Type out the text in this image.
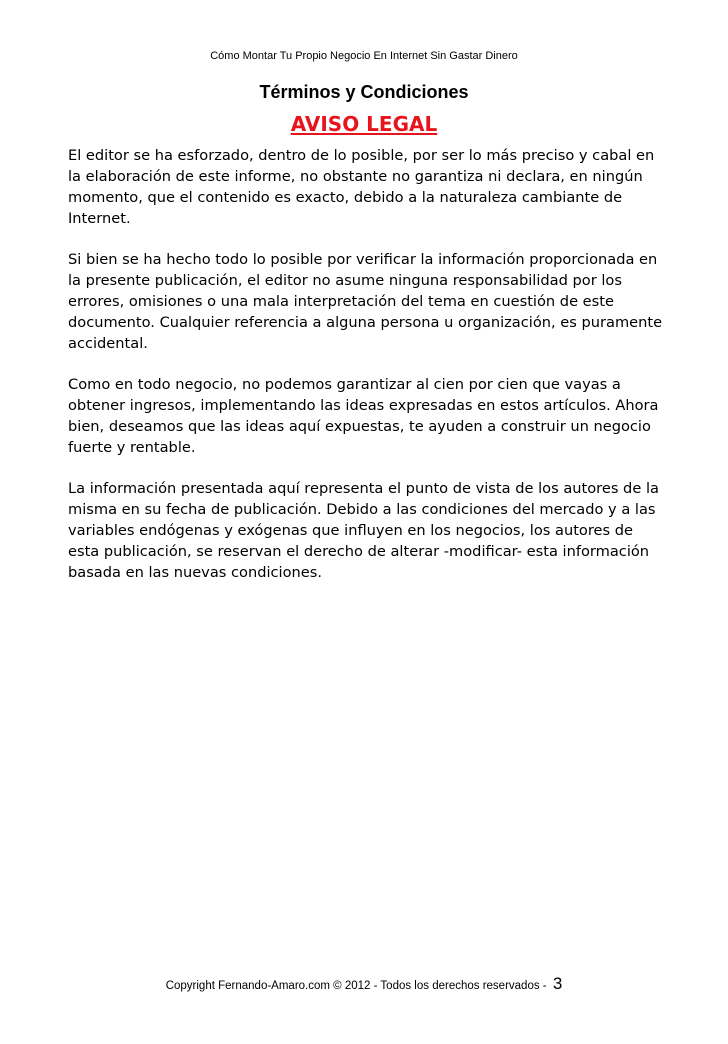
Cómo Montar Tu Propio Negocio En Internet Sin Gastar Dinero
Términos y Condiciones
AVISO LEGAL

El editor se ha esforzado, dentro de lo posible, por ser lo más preciso y cabal en la elaboración de este informe, no obstante no garantiza ni declara, en ningún momento, que el contenido es exacto, debido a la naturaleza cambiante de Internet.

Si bien se ha hecho todo lo posible por verificar la información proporcionada en la presente publicación, el editor no asume ninguna responsabilidad por los errores, omisiones o una mala interpretación del tema en cuestión de este documento. Cualquier referencia a alguna persona u organización, es puramente accidental.

Como en todo negocio, no podemos garantizar al cien por cien que vayas a obtener ingresos, implementando las ideas expresadas en estos artículos. Ahora bien, deseamos que las ideas aquí expuestas, te ayuden a construir un negocio fuerte y rentable.

La información presentada aquí representa el punto de vista de los autores de la misma en su fecha de publicación. Debido a las condiciones del mercado y a las variables endógenas y exógenas que influyen en los negocios, los autores de esta publicación, se reservan el derecho de alterar -modificar- esta información basada en las nuevas condiciones.

Copyright Fernando-Amaro.com © 2012 - Todos los derechos reservados - 3
